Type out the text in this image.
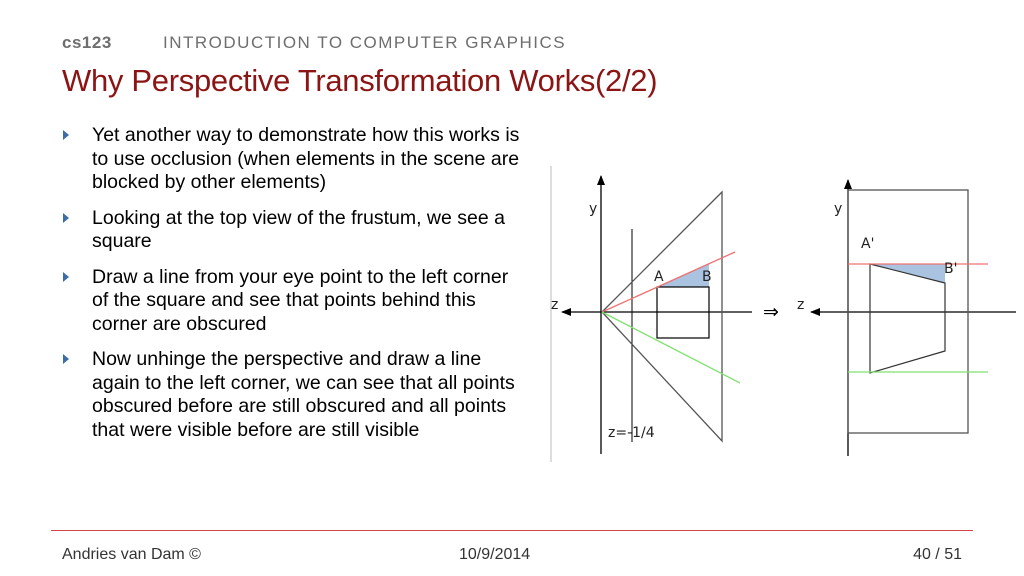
cs123	INTRODUCTION TO COMPUTER GRAPHICS
Why Perspective Transformation Works(2/2)
Yet another way to demonstrate how this works is to use occlusion (when elements in the scene are blocked by other elements)
Looking at the top view of the frustum, we see a square
Draw a line from your eye point to the left corner of the square and see that points behind this corner are obscured
Now unhinge the perspective and draw a line again to the left corner, we can see that all points obscured before are still obscured and all points that were visible before are still visible
y
z
A	B
z=-1/4
⇒
y
z
A'
B'
Andries van Dam ©	10/9/2014	40 / 51
